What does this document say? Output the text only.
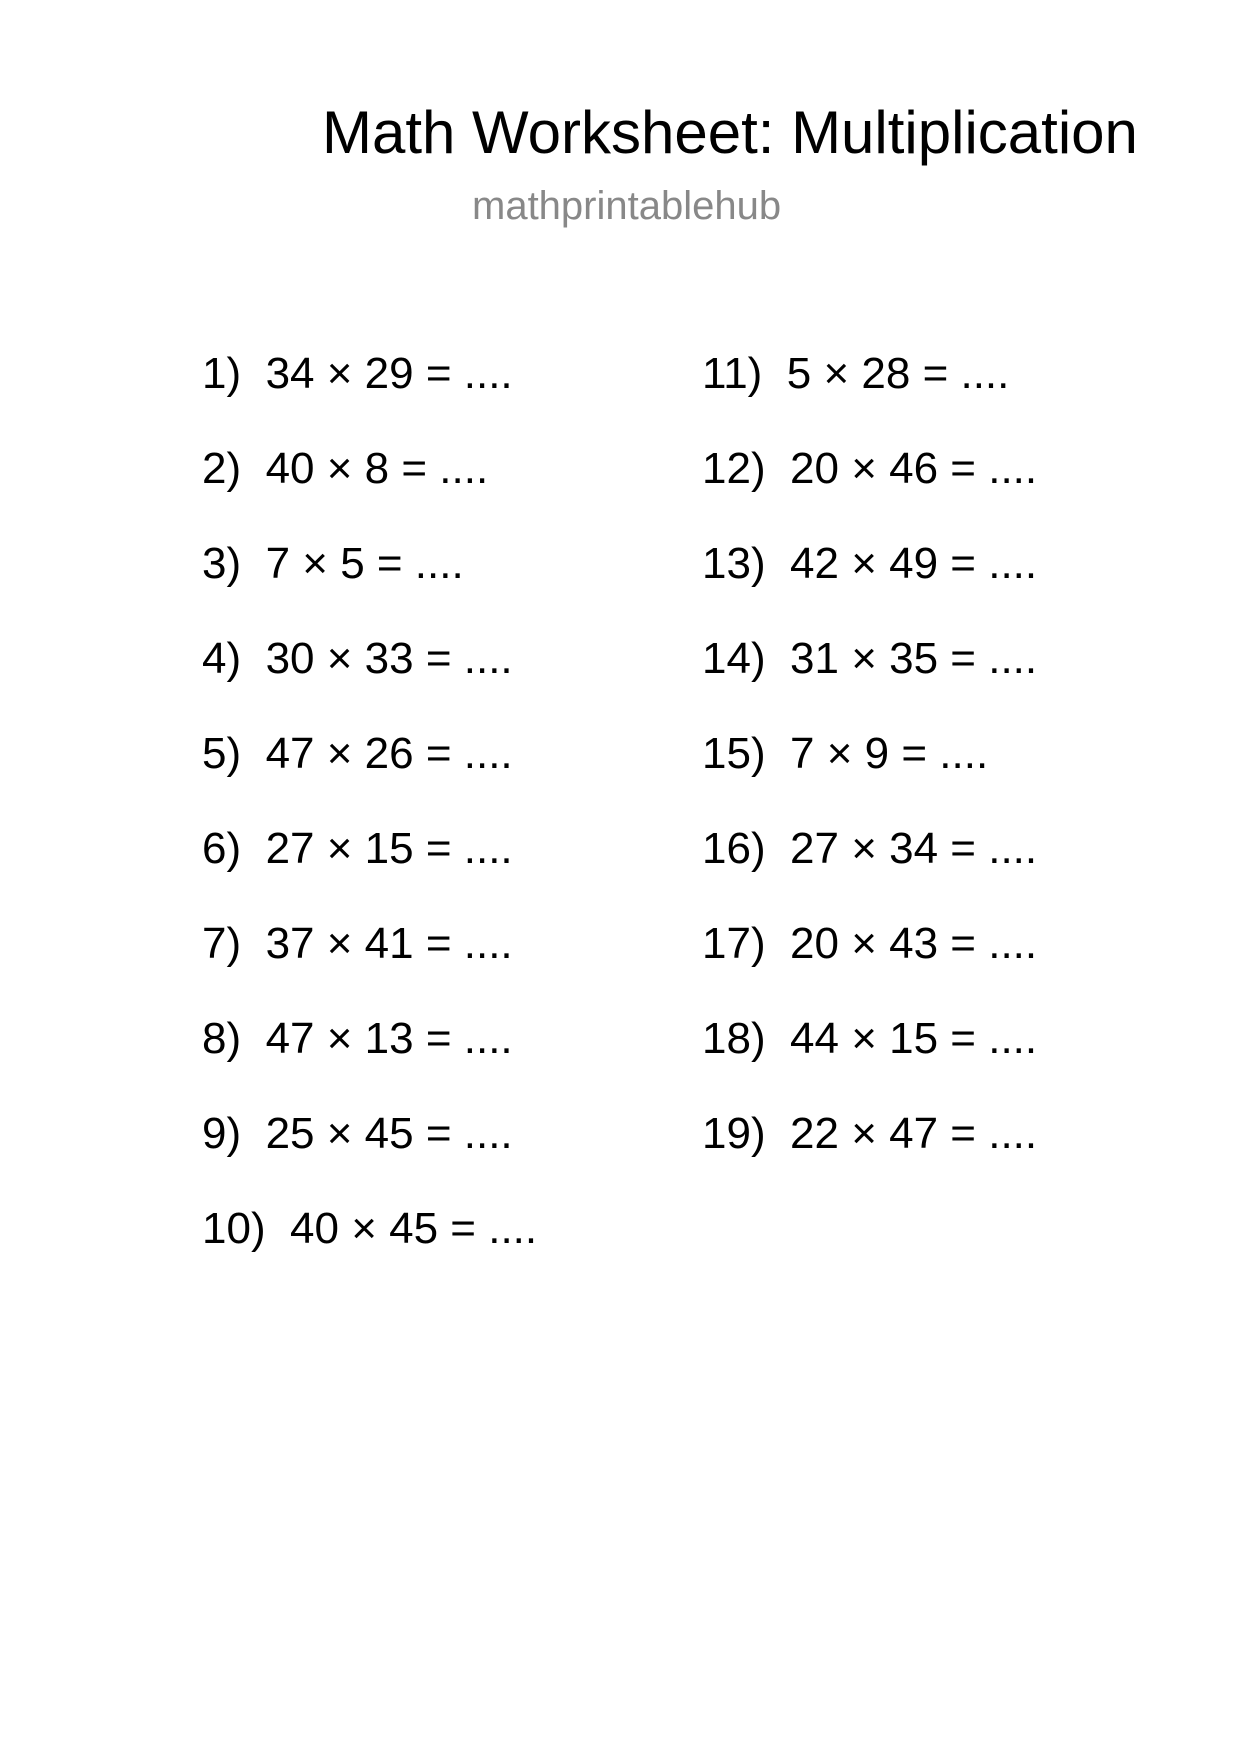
Math Worksheet: Multiplication
mathprintablehub
1) 34 × 29 = ....
2) 40 × 8 = ....
3) 7 × 5 = ....
4) 30 × 33 = ....
5) 47 × 26 = ....
6) 27 × 15 = ....
7) 37 × 41 = ....
8) 47 × 13 = ....
9) 25 × 45 = ....
10) 40 × 45 = ....
11) 5 × 28 = ....
12) 20 × 46 = ....
13) 42 × 49 = ....
14) 31 × 35 = ....
15) 7 × 9 = ....
16) 27 × 34 = ....
17) 20 × 43 = ....
18) 44 × 15 = ....
19) 22 × 47 = ....
